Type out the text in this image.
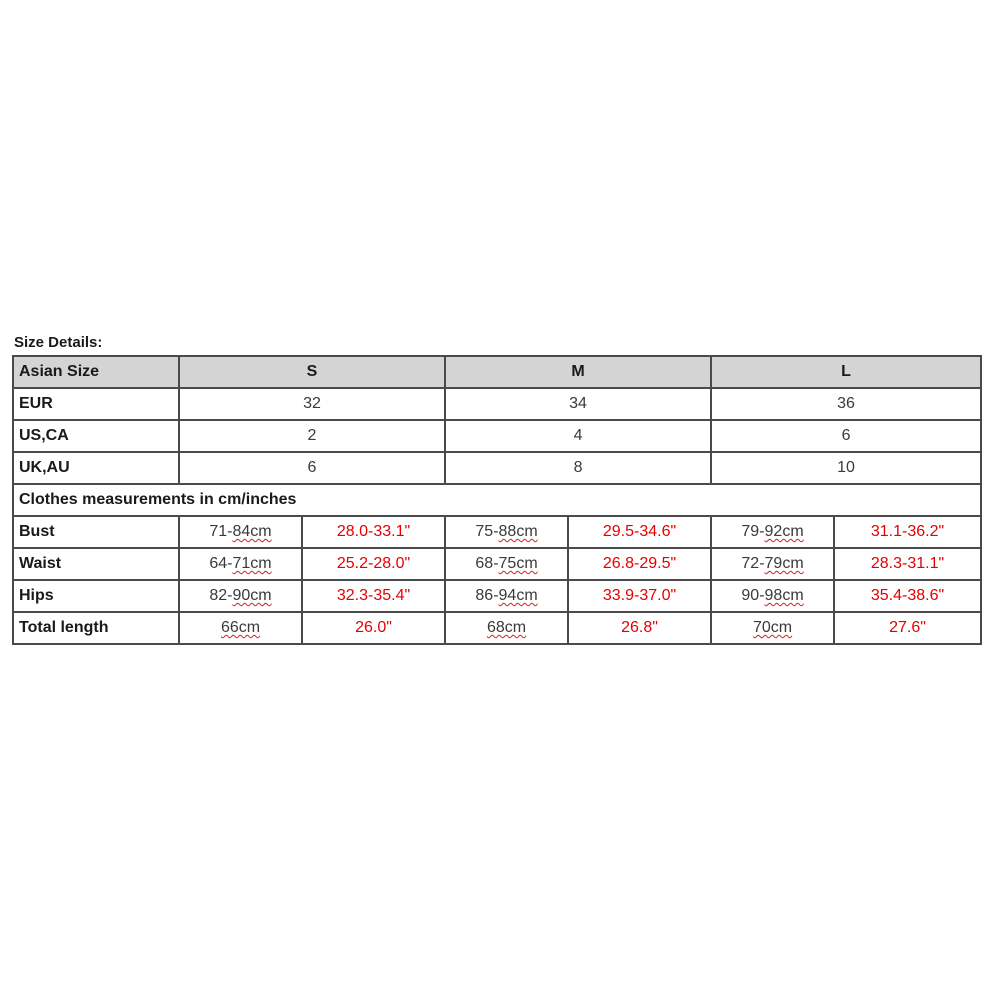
Size Details:
Asian Size	S		M		L	
EUR	32		34		36	
US,CA	2		4		6	
UK,AU	6		8		10	
Clothes measurements in cm/inches						
Bust	71-84cm	28.0-33.1"	75-88cm	29.5-34.6"	79-92cm	31.1-36.2"
Waist	64-71cm	25.2-28.0"	68-75cm	26.8-29.5"	72-79cm	28.3-31.1"
Hips	82-90cm	32.3-35.4"	86-94cm	33.9-37.0"	90-98cm	35.4-38.6"
Total length	66cm	26.0"	68cm	26.8"	70cm	27.6"
